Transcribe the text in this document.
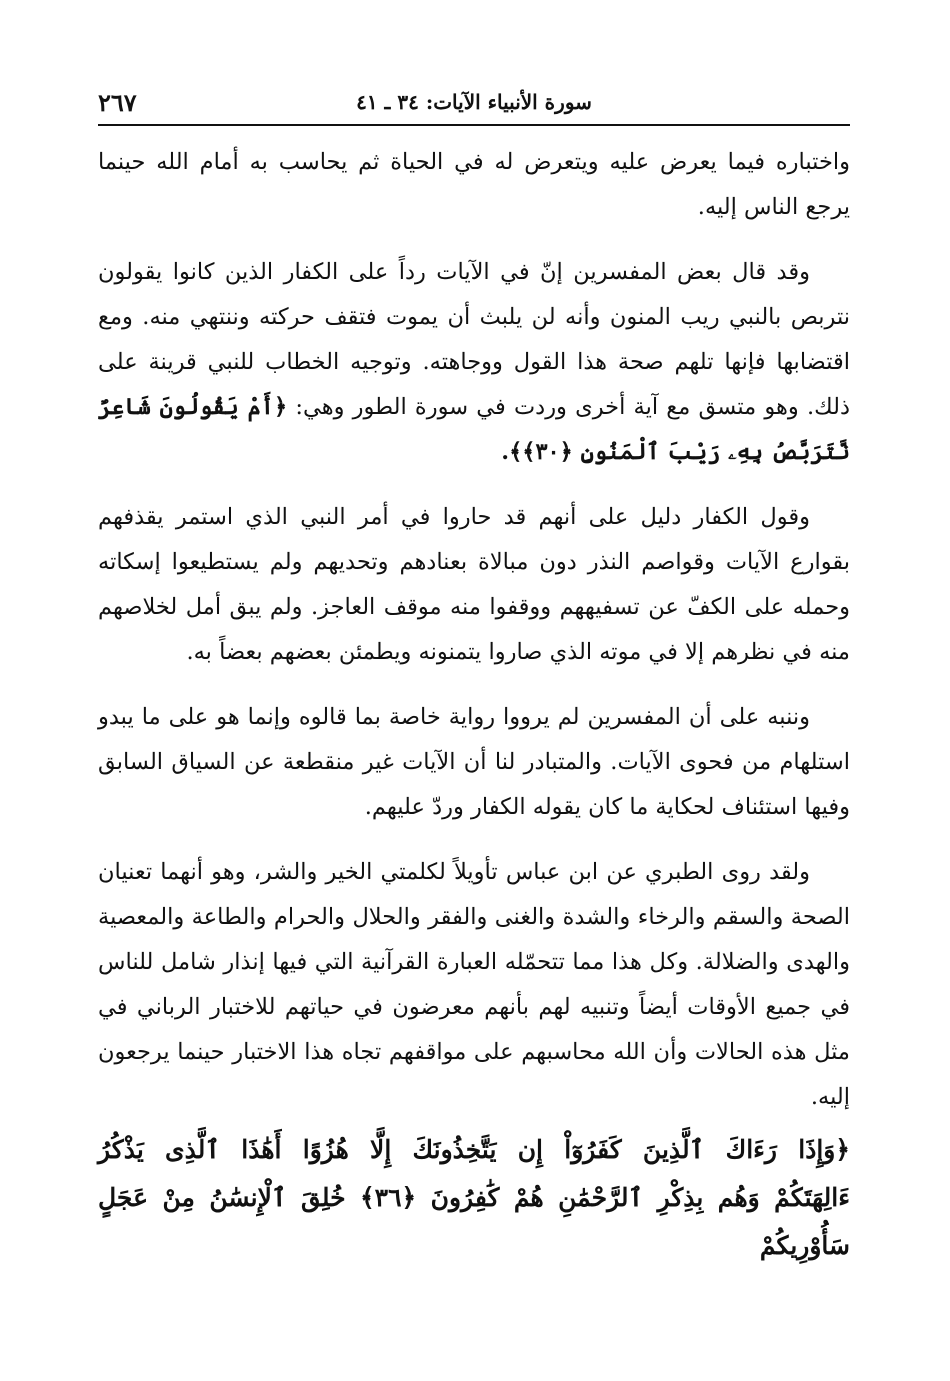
٢٦٧	سورة الأنبياء الآيات: ٣٤ ـ ٤١

واختباره فيما يعرض عليه ويتعرض له في الحياة ثم يحاسب به أمام الله حينما يرجع الناس إليه.

وقد قال بعض المفسرين إنّ في الآيات رداً على الكفار الذين كانوا يقولون نتربص بالنبي ريب المنون وأنه لن يلبث أن يموت فتقف حركته وننتهي منه. ومع اقتضابها فإنها تلهم صحة هذا القول ووجاهته. وتوجيه الخطاب للنبي قرينة على ذلك. وهو متسق مع آية أخرى وردت في سورة الطور وهي: ﴿أَمْ يَقُولُونَ شَاعِرٌ نَّتَرَبَّصُ بِهِۦ رَيْبَ ٱلْمَنُونِ ﴿٣٠﴾﴾.

وقول الكفار دليل على أنهم قد حاروا في أمر النبي الذي استمر يقذفهم بقوارع الآيات وقواصم النذر دون مبالاة بعنادهم وتحديهم ولم يستطيعوا إسكاته وحمله على الكفّ عن تسفيههم ووقفوا منه موقف العاجز. ولم يبق أمل لخلاصهم منه في نظرهم إلا في موته الذي صاروا يتمنونه ويطمئن بعضهم بعضاً به.

وننبه على أن المفسرين لم يرووا رواية خاصة بما قالوه وإنما هو على ما يبدو استلهام من فحوى الآيات. والمتبادر لنا أن الآيات غير منقطعة عن السياق السابق وفيها استئناف لحكاية ما كان يقوله الكفار وردّ عليهم.

ولقد روى الطبري عن ابن عباس تأويلاً لكلمتي الخير والشر، وهو أنهما تعنيان الصحة والسقم والرخاء والشدة والغنى والفقر والحلال والحرام والطاعة والمعصية والهدى والضلالة. وكل هذا مما تتحمّله العبارة القرآنية التي فيها إنذار شامل للناس في جميع الأوقات أيضاً وتنبيه لهم بأنهم معرضون في حياتهم للاختبار الرباني في مثل هذه الحالات وأن الله محاسبهم على مواقفهم تجاه هذا الاختبار حينما يرجعون إليه.

﴿وَإِذَا رَءَاكَ ٱلَّذِينَ كَفَرُوٓاْ إِن يَتَّخِذُونَكَ إِلَّا هُزُوًا أَهَٰذَا ٱلَّذِى يَذْكُرُ
ءَالِهَتَكُمْ وَهُم بِذِكْرِ ٱلرَّحْمَٰنِ هُمْ كَٰفِرُونَ ﴿٣٦﴾ خُلِقَ ٱلْإِنسَٰنُ مِنْ عَجَلٍ سَأُوْرِيكُمْ
